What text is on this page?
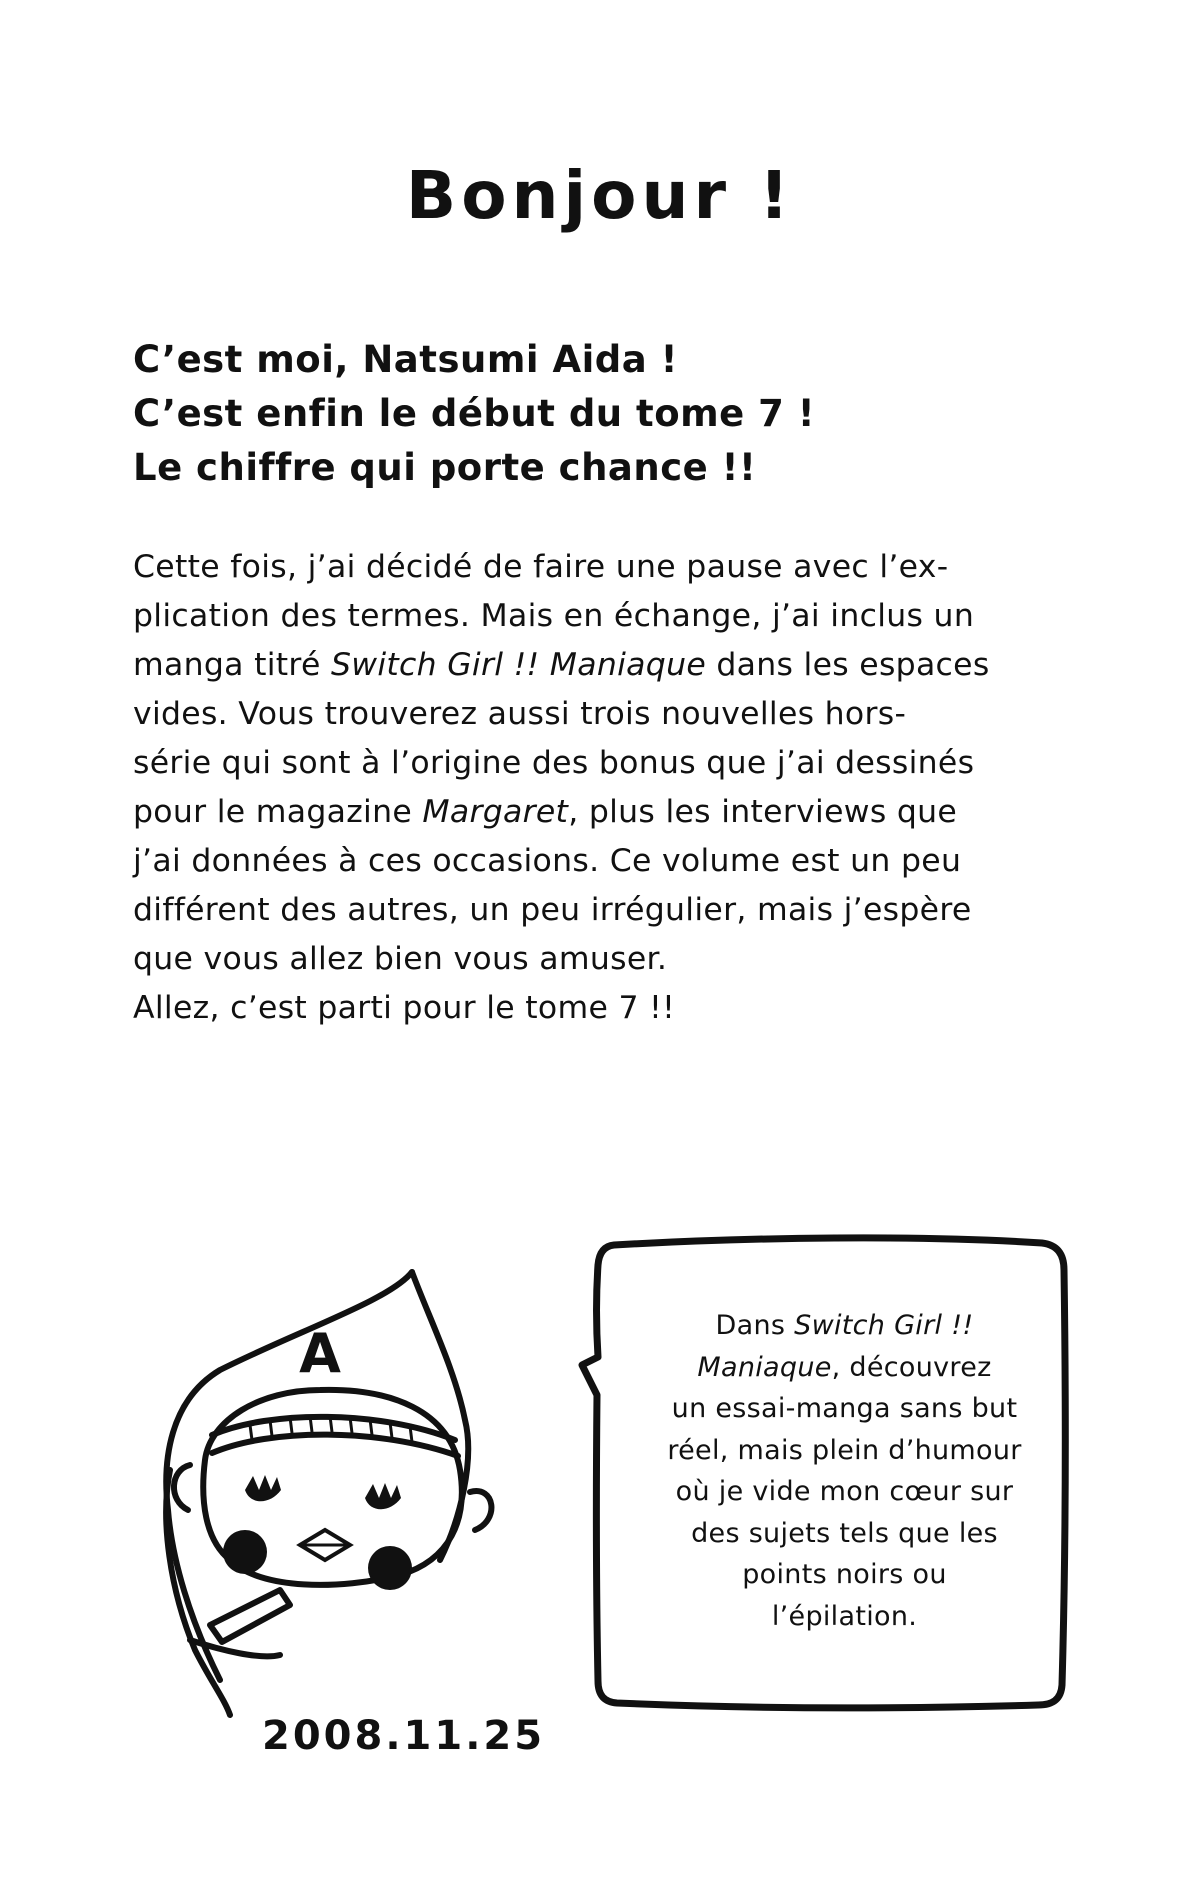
Bonjour !
C’est moi, Natsumi Aida !
C’est enfin le début du tome 7 !
Le chiffre qui porte chance !!
Cette fois, j’ai décidé de faire une pause avec l’ex-
plication des termes. Mais en échange, j’ai inclus un
manga titré Switch Girl !! Maniaque dans les espaces
vides. Vous trouverez aussi trois nouvelles hors-
série qui sont à l’origine des bonus que j’ai dessinés
pour le magazine Margaret, plus les interviews que
j’ai données à ces occasions. Ce volume est un peu
différent des autres, un peu irrégulier, mais j’espère
que vous allez bien vous amuser.
Allez, c’est parti pour le tome 7 !!
A	Dans Switch Girl !!
Maniaque, découvrez
un essai-manga sans but
réel, mais plein d’humour
où je vide mon cœur sur
des sujets tels que les
points noirs ou
l’épilation.
2008.11.25
